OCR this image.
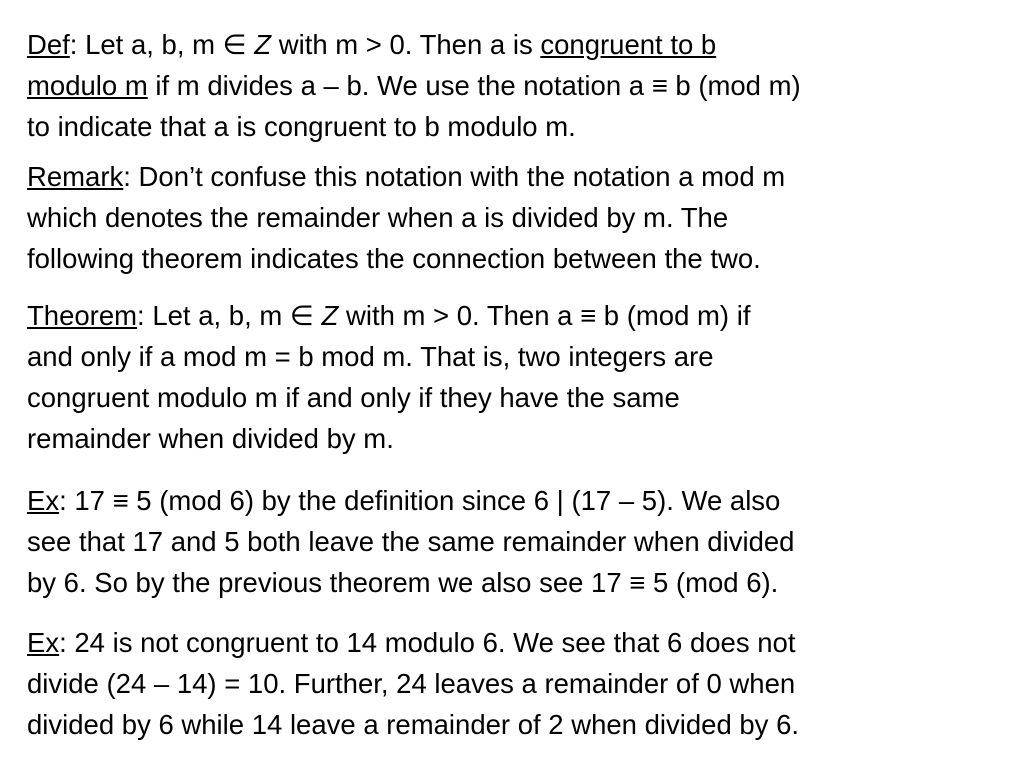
Def: Let a, b, m ∈ Z with m > 0. Then a is congruent to b
modulo m if m divides a – b. We use the notation a ≡ b (mod m)
to indicate that a is congruent to b modulo m.
Remark: Don’t confuse this notation with the notation a mod m
which denotes the remainder when a is divided by m. The
following theorem indicates the connection between the two.
Theorem: Let a, b, m ∈ Z with m > 0. Then a ≡ b (mod m) if
and only if a mod m = b mod m. That is, two integers are
congruent modulo m if and only if they have the same
remainder when divided by m.
Ex: 17 ≡ 5 (mod 6) by the definition since 6 | (17 – 5). We also
see that 17 and 5 both leave the same remainder when divided
by 6. So by the previous theorem we also see 17 ≡ 5 (mod 6).
Ex: 24 is not congruent to 14 modulo 6. We see that 6 does not
divide (24 – 14) = 10. Further, 24 leaves a remainder of 0 when
divided by 6 while 14 leave a remainder of 2 when divided by 6.
